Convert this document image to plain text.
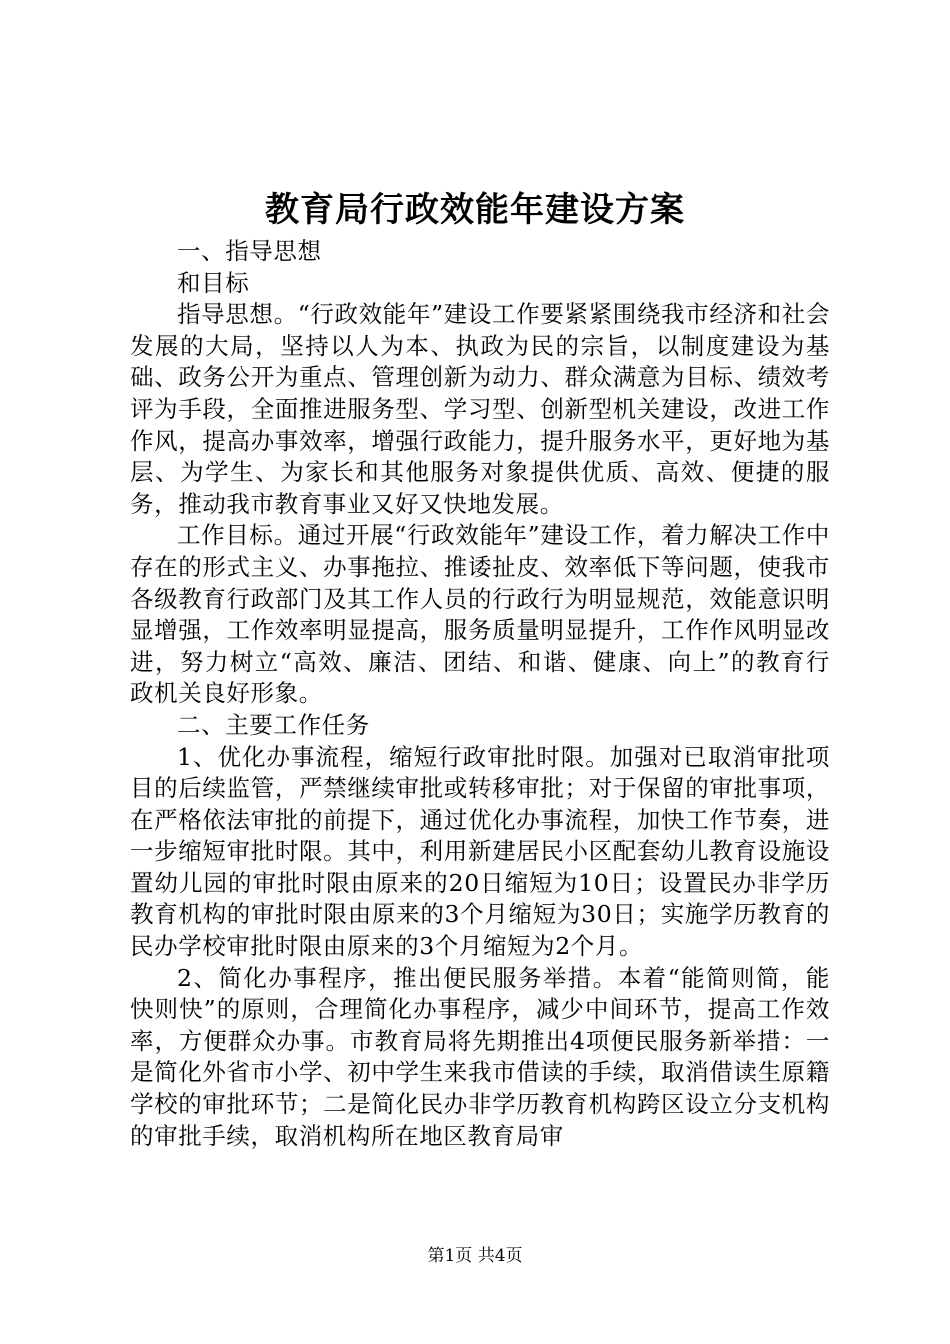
教育局行政效能年建设方案

一、指导思想

和目标

指导思想。“行政效能年”建设工作要紧紧围绕我市经济和社会发展的大局，坚持以人为本、执政为民的宗旨，以制度建设为基础、政务公开为重点、管理创新为动力、群众满意为目标、绩效考评为手段，全面推进服务型、学习型、创新型机关建设，改进工作作风，提高办事效率，增强行政能力，提升服务水平，更好地为基层、为学生、为家长和其他服务对象提供优质、高效、便捷的服务，推动我市教育事业又好又快地发展。

工作目标。通过开展“行政效能年”建设工作，着力解决工作中存在的形式主义、办事拖拉、推诿扯皮、效率低下等问题，使我市各级教育行政部门及其工作人员的行政行为明显规范，效能意识明显增强，工作效率明显提高，服务质量明显提升，工作作风明显改进，努力树立“高效、廉洁、团结、和谐、健康、向上”的教育行政机关良好形象。

二、主要工作任务

1、优化办事流程，缩短行政审批时限。加强对已取消审批项目的后续监管，严禁继续审批或转移审批；对于保留的审批事项，在严格依法审批的前提下，通过优化办事流程，加快工作节奏，进一步缩短审批时限。其中，利用新建居民小区配套幼儿教育设施设置幼儿园的审批时限由原来的20日缩短为10日；设置民办非学历教育机构的审批时限由原来的3个月缩短为30日；实施学历教育的民办学校审批时限由原来的3个月缩短为2个月。

2、简化办事程序，推出便民服务举措。本着“能简则简，能快则快”的原则，合理简化办事程序，减少中间环节，提高工作效率，方便群众办事。市教育局将先期推出4项便民服务新举措：一是简化外省市小学、初中学生来我市借读的手续，取消借读生原籍学校的审批环节；二是简化民办非学历教育机构跨区设立分支机构的审批手续，取消机构所在地区教育局审

第1页 共4页
